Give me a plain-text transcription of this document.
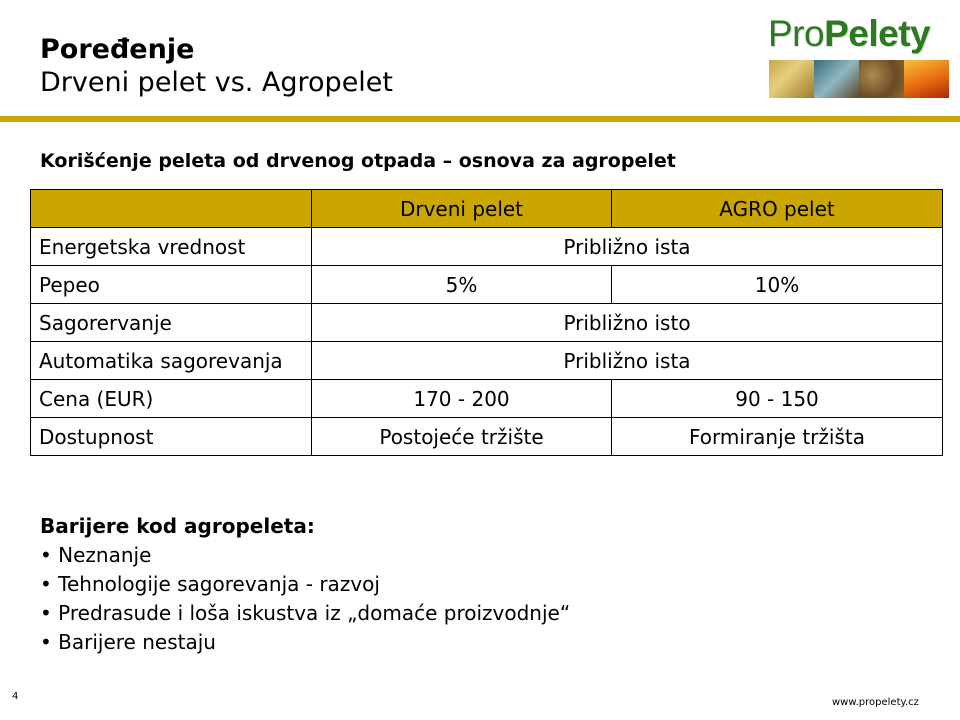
Poređenje
Drveni pelet vs. Agropelet
ProPelety
Korišćenje peleta od drvenog otpada – osnova za agropelet
	Drveni pelet	AGRO pelet
Energetska vrednost	Približno ista	
Pepeo	5%	10%
Sagorervanje	Približno isto	
Automatika sagorevanja	Približno ista	
Cena (EUR)	170 - 200	90 - 150
Dostupnost	Postojeće tržište	Formiranje tržišta
Barijere kod agropeleta:
• Neznanje
• Tehnologije sagorevanja - razvoj
• Predrasude i loša iskustva iz „domaće proizvodnje“
• Barijere nestaju
4
www.propelety.cz
